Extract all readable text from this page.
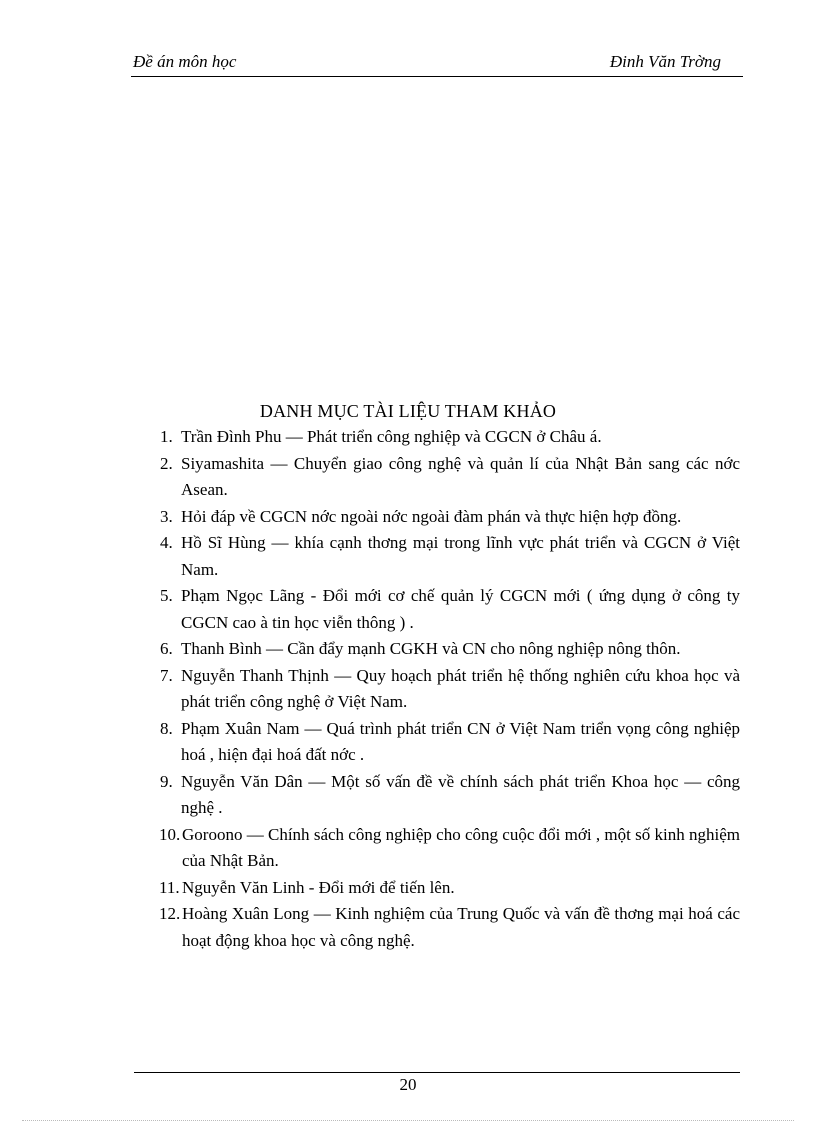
Đề án môn học	Đinh Văn Trờng
DANH MỤC TÀI LIỆU THAM KHẢO
1. Trần Đình Phu — Phát triển công nghiệp và CGCN ở Châu á.
2. Siyamashita — Chuyển giao công nghệ và quản lí của Nhật Bản sang các nớc Asean.
3. Hỏi đáp về CGCN nớc ngoài nớc ngoài đàm phán và thực hiện hợp đồng.
4. Hồ Sĩ Hùng — khía cạnh thơng mại trong lĩnh vực phát triển và CGCN ở Việt Nam.
5. Phạm Ngọc Lãng - Đổi mới cơ chế quản lý CGCN mới ( ứng dụng ở công ty CGCN cao à tin học viễn thông ) .
6. Thanh Bình — Cần đẩy mạnh CGKH và CN cho nông nghiệp nông thôn.
7. Nguyễn Thanh Thịnh — Quy hoạch phát triển hệ thống nghiên cứu khoa học và phát triển công nghệ ở Việt Nam.
8. Phạm Xuân Nam — Quá trình phát triển CN ở Việt Nam triển vọng công nghiệp hoá , hiện đại hoá đất nớc .
9. Nguyễn Văn Dân — Một số vấn đề về chính sách phát triển Khoa học — công nghệ .
10. Goroono — Chính sách công nghiệp cho công cuộc đổi mới , một số kinh nghiệm của Nhật Bản.
11. Nguyễn Văn Linh - Đổi mới để tiến lên.
12. Hoàng Xuân Long — Kinh nghiệm của Trung Quốc và vấn đề thơng mại hoá các hoạt động khoa học và công nghệ.
20
